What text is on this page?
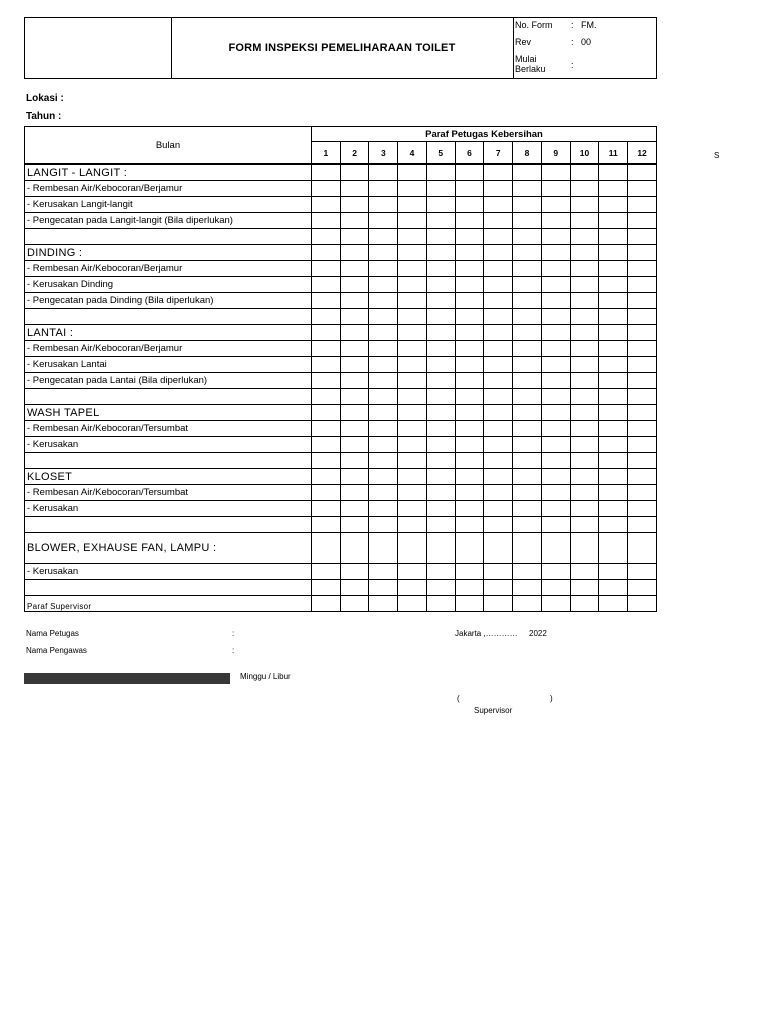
FORM INSPEKSI PEMELIHARAAN TOILET
No. Form : FM.
Rev	: 00
Mulai
Berlaku	:
Lokasi :
Tahun :
S
Bulan	Paraf Petugas Kebersihan											
	1	2	3	4	5	6	7	8	9	10	11	12
LANGIT - LANGIT :												
- Rembesan Air/Kebocoran/Berjamur												
- Kerusakan Langit-langit												
- Pengecatan pada Langit-langit (Bila diperlukan)												

DINDING :												
- Rembesan Air/Kebocoran/Berjamur												
- Kerusakan Dinding												
- Pengecatan pada Dinding (Bila diperlukan)												

LANTAI :												
- Rembesan Air/Kebocoran/Berjamur												
- Kerusakan Lantai												
- Pengecatan pada Lantai (Bila diperlukan)												

WASH TAPEL												
- Rembesan Air/Kebocoran/Tersumbat												
- Kerusakan												

KLOSET												
- Rembesan Air/Kebocoran/Tersumbat												
- Kerusakan												

BLOWER, EXHAUSE FAN, LAMPU :												
- Kerusakan												

Paraf Supervisor												
Nama Petugas	:	Jakarta ,………… 2022
Nama Pengawas	:
Minggu / Libur
(	)
Supervisor
